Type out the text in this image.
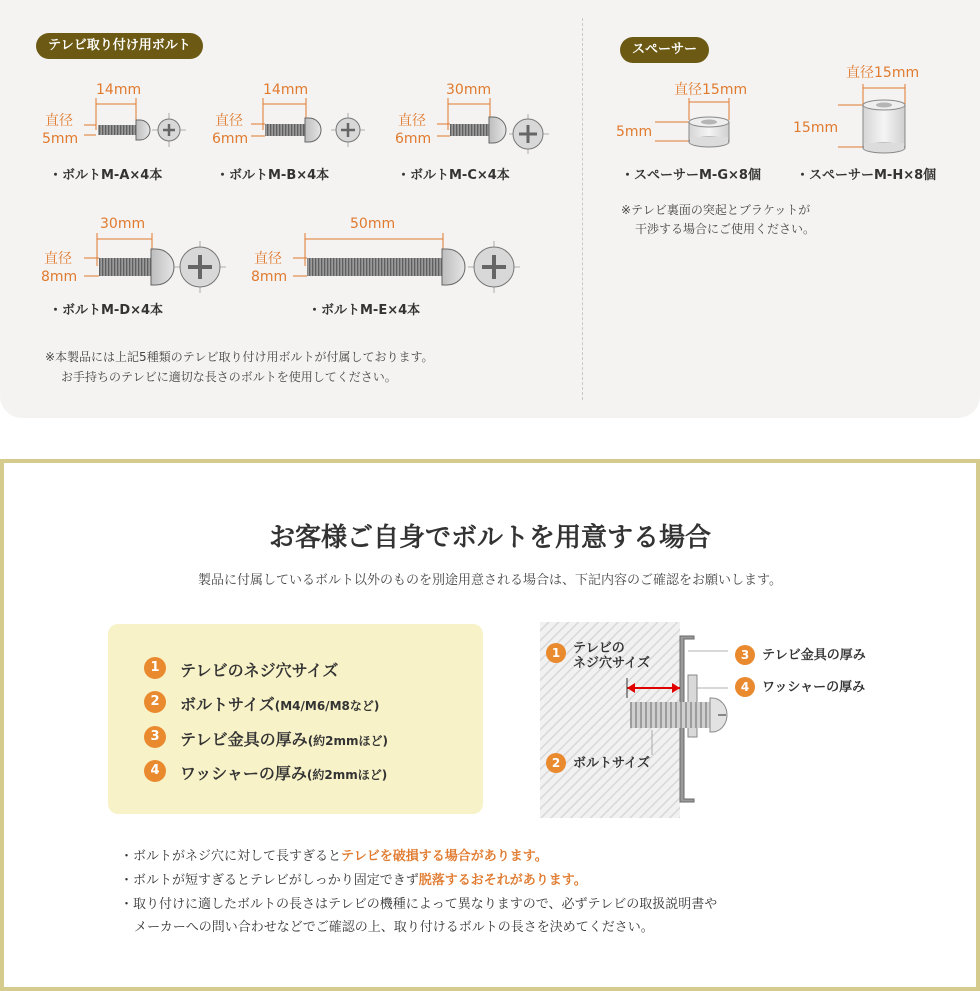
テレビ取り付け用ボルト	スペーサー
14mm
直径
5mm
・ボルトM-A×4本
14mm
直径
6mm
・ボルトM-B×4本
30mm
直径
6mm
・ボルトM-C×4本
30mm
直径
8mm
・ボルトM-D×4本
50mm
直径
8mm
・ボルトM-E×4本
※本製品には上記5種類のテレビ取り付け用ボルトが付属しております。
お手持ちのテレビに適切な長さのボルトを使用してください。
直径15mm
5mm
・スペーサーM-G×8個
直径15mm
15mm
・スペーサーM-H×8個
※テレビ裏面の突起とブラケットが
干渉する場合にご使用ください。
お客様ご自身でボルトを用意する場合
製品に付属しているボルト以外のものを別途用意される場合は、下記内容のご確認をお願いします。
1	テレビのネジ穴サイズ
2	ボルトサイズ(M4/M6/M8など)
3	テレビ金具の厚み(約2mmほど)
4	ワッシャーの厚み(約2mmほど)
1 テレビの
ネジ穴サイズ
2 ボルトサイズ
3 テレビ金具の厚み
4 ワッシャーの厚み
・ボルトがネジ穴に対して長すぎるとテレビを破損する場合があります。
・ボルトが短すぎるとテレビがしっかり固定できず脱落するおそれがあります。
・取り付けに適したボルトの長さはテレビの機種によって異なりますので、必ずテレビの取扱説明書や
メーカーへの問い合わせなどでご確認の上、取り付けるボルトの長さを決めてください。
